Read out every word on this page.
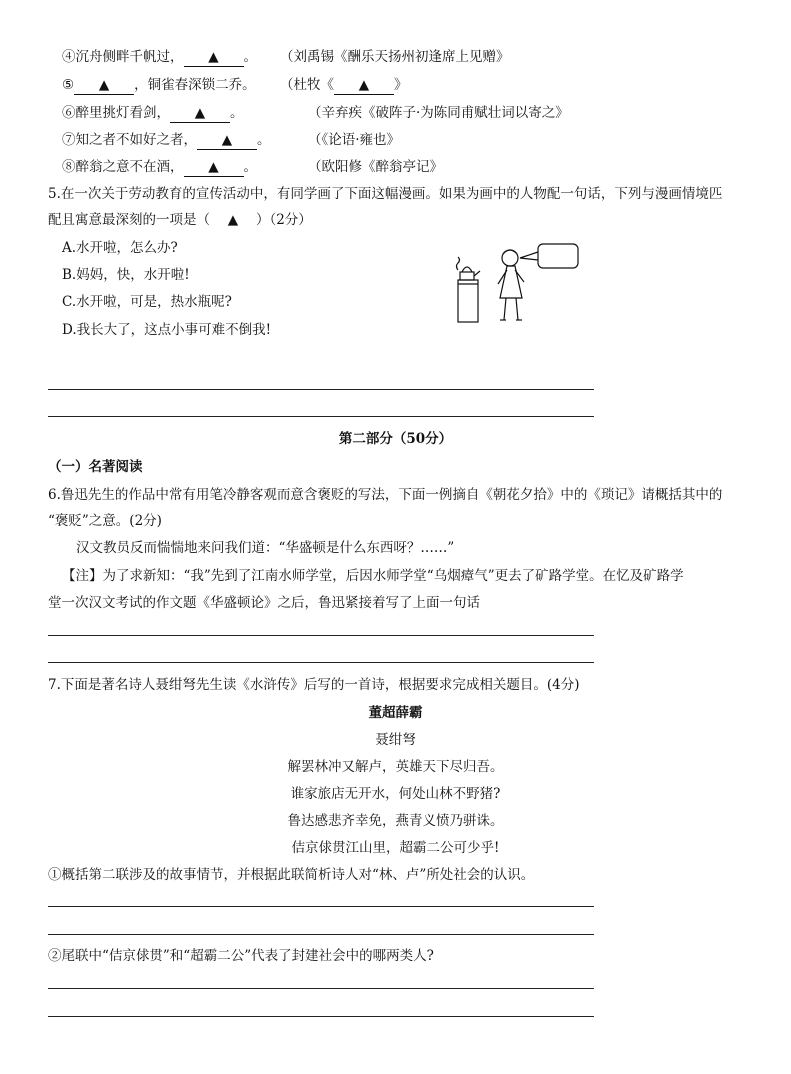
④沉舟侧畔千帆过， ▲ 。 （刘禹锡《酬乐天扬州初逢席上见赠》
⑤ ▲ ，铜雀春深锁二乔。 （杜牧《 ▲ 》
⑥醉里挑灯看剑， ▲ 。	（辛弃疾《破阵子·为陈同甫赋壮词以寄之》
⑦知之者不如好之者， ▲ 。	（《论语·雍也》
⑧醉翁之意不在酒， ▲ 。	（欧阳修《醉翁亭记》
5.在一次关于劳动教育的宣传活动中，有同学画了下面这幅漫画。如果为画中的人物配一句话，下列与漫画情境匹
配且寓意最深刻的一项是（　 ▲　 ）（2分）
A.水开啦，怎么办?
B.妈妈，快，水开啦!
C.水开啦，可是，热水瓶呢?
D.我长大了，这点小事可难不倒我!
第二部分（50分）
（一）名著阅读
6.鲁迅先生的作品中常有用笔冷静客观而意含褒贬的写法，下面一例摘自《朝花夕拾》中的《琐记》请概括其中的
“褒贬”之意。(2分)
汉文教员反而惴惴地来问我们道：“华盛顿是什么东西呀？……”
【注】为了求新知：“我”先到了江南水师学堂，后因水师学堂“乌烟瘴气”更去了矿路学堂。在忆及矿路学
堂一次汉文考试的作文题《华盛顿论》之后，鲁迅紧接着写了上面一句话
7.下面是著名诗人聂绀弩先生读《水浒传》后写的一首诗，根据要求完成相关题目。(4分)
董超薛霸
聂绀弩
解罢林冲又解卢，英雄天下尽归吾。
谁家旅店无开水，何处山林不野猪?
鲁达感悲齐幸免，燕青义愤乃骈诛。
佶京俅贯江山里，超霸二公可少乎!
①概括第二联涉及的故事情节，并根据此联简析诗人对“林、卢”所处社会的认识。
②尾联中“佶京俅贯”和“超霸二公”代表了封建社会中的哪两类人?
